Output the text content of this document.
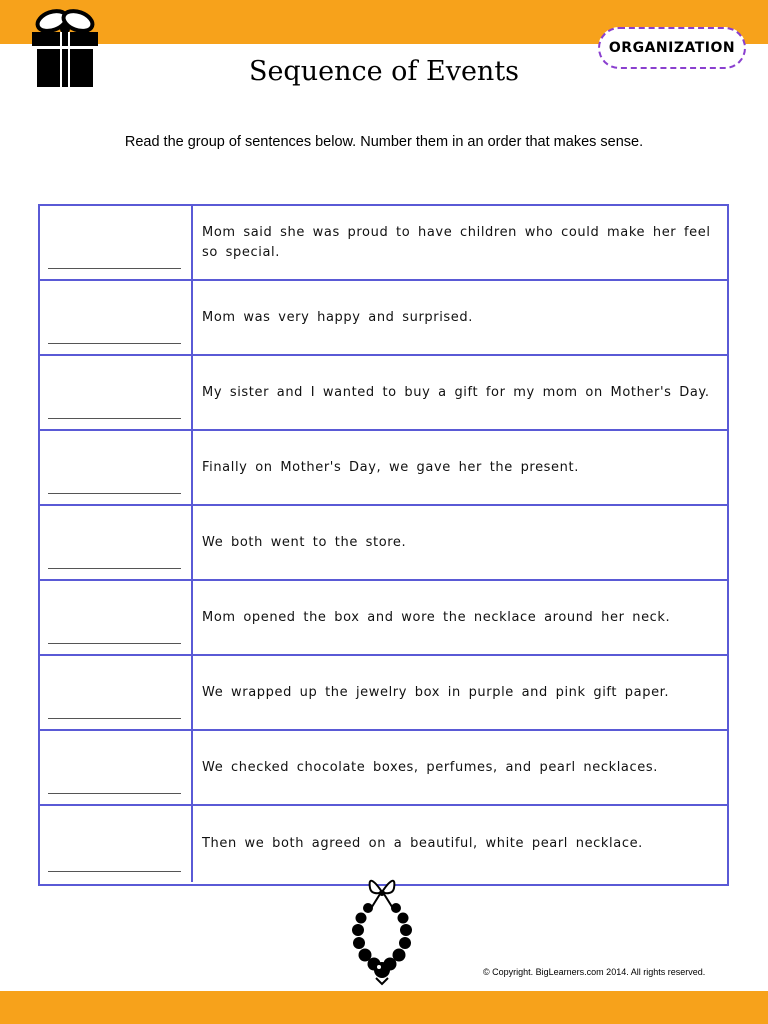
ORGANIZATION
Sequence of Events
Read the group of sentences below. Number them in an order that makes sense.
Mom said she was proud to have children who could make her feel so special.
Mom was very happy and surprised.
My sister and I wanted to buy a gift for my mom on Mother's Day.
Finally on Mother's Day, we gave her the present.
We both went to the store.
Mom opened the box and wore the necklace around her neck.
We wrapped up the jewelry box in purple and pink gift paper.
We checked chocolate boxes, perfumes, and pearl necklaces.
Then we both agreed on a beautiful, white pearl necklace.
© Copyright. BigLearners.com 2014. All rights reserved.
